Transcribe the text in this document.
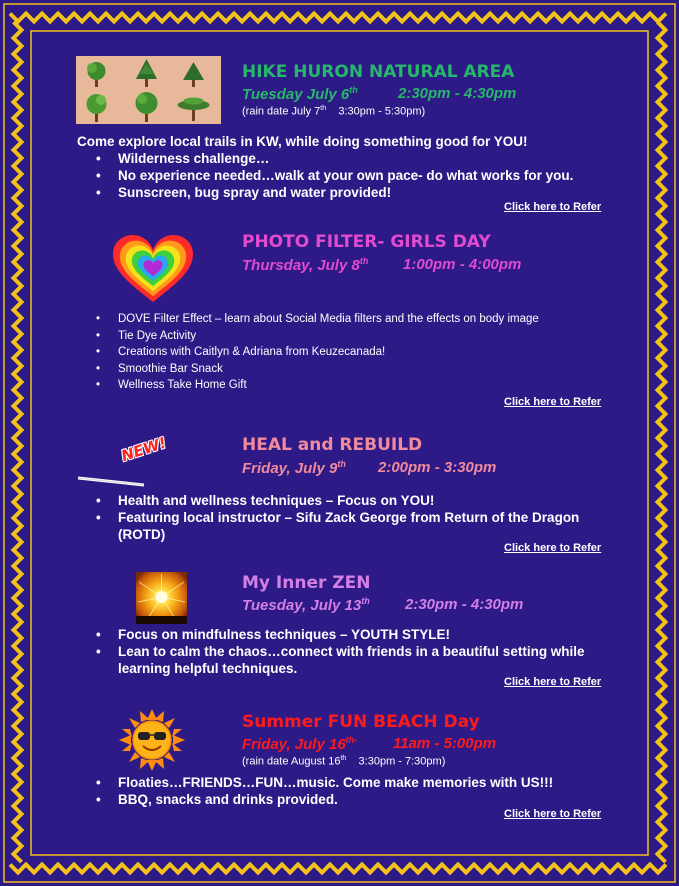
HIKE HURON NATURAL AREA
Tuesday July 6th	2:30pm - 4:30pm
(rain date July 7th 3:30pm - 5:30pm)
Come explore local trails in KW, while doing something good for YOU!
• Wilderness challenge…
• No experience needed…walk at your own pace- do what works for you.
• Sunscreen, bug spray and water provided!
Click here to Refer
PHOTO FILTER- GIRLS DAY
Thursday, July 8th 1:00pm - 4:00pm
• DOVE Filter Effect – learn about Social Media filters and the effects on body image
• Tie Dye Activity
• Creations with Caitlyn & Adriana from Keuzecanada!
• Smoothie Bar Snack
• Wellness Take Home Gift
Click here to Refer
NEW!	HEAL and REBUILD
Friday, July 9th 2:00pm - 3:30pm
• Health and wellness techniques – Focus on YOU!
• Featuring local instructor – Sifu Zack George from Return of the Dragon (ROTD)
Click here to Refer
My Inner ZEN
Tuesday, July 13th 2:30pm - 4:30pm
• Focus on mindfulness techniques – YOUTH STYLE!
• Lean to calm the chaos…connect with friends in a beautiful setting while learning helpful techniques.
Click here to Refer
Summer FUN BEACH Day
Friday, July $16^{th-}$ 11am - 5:00pm
(rain date August 16th 3:30pm - 7:30pm)
• Floaties…FRIENDS…FUN…music. Come make memories with US!!!
• BBQ, snacks and drinks provided.
Click here to Refer
